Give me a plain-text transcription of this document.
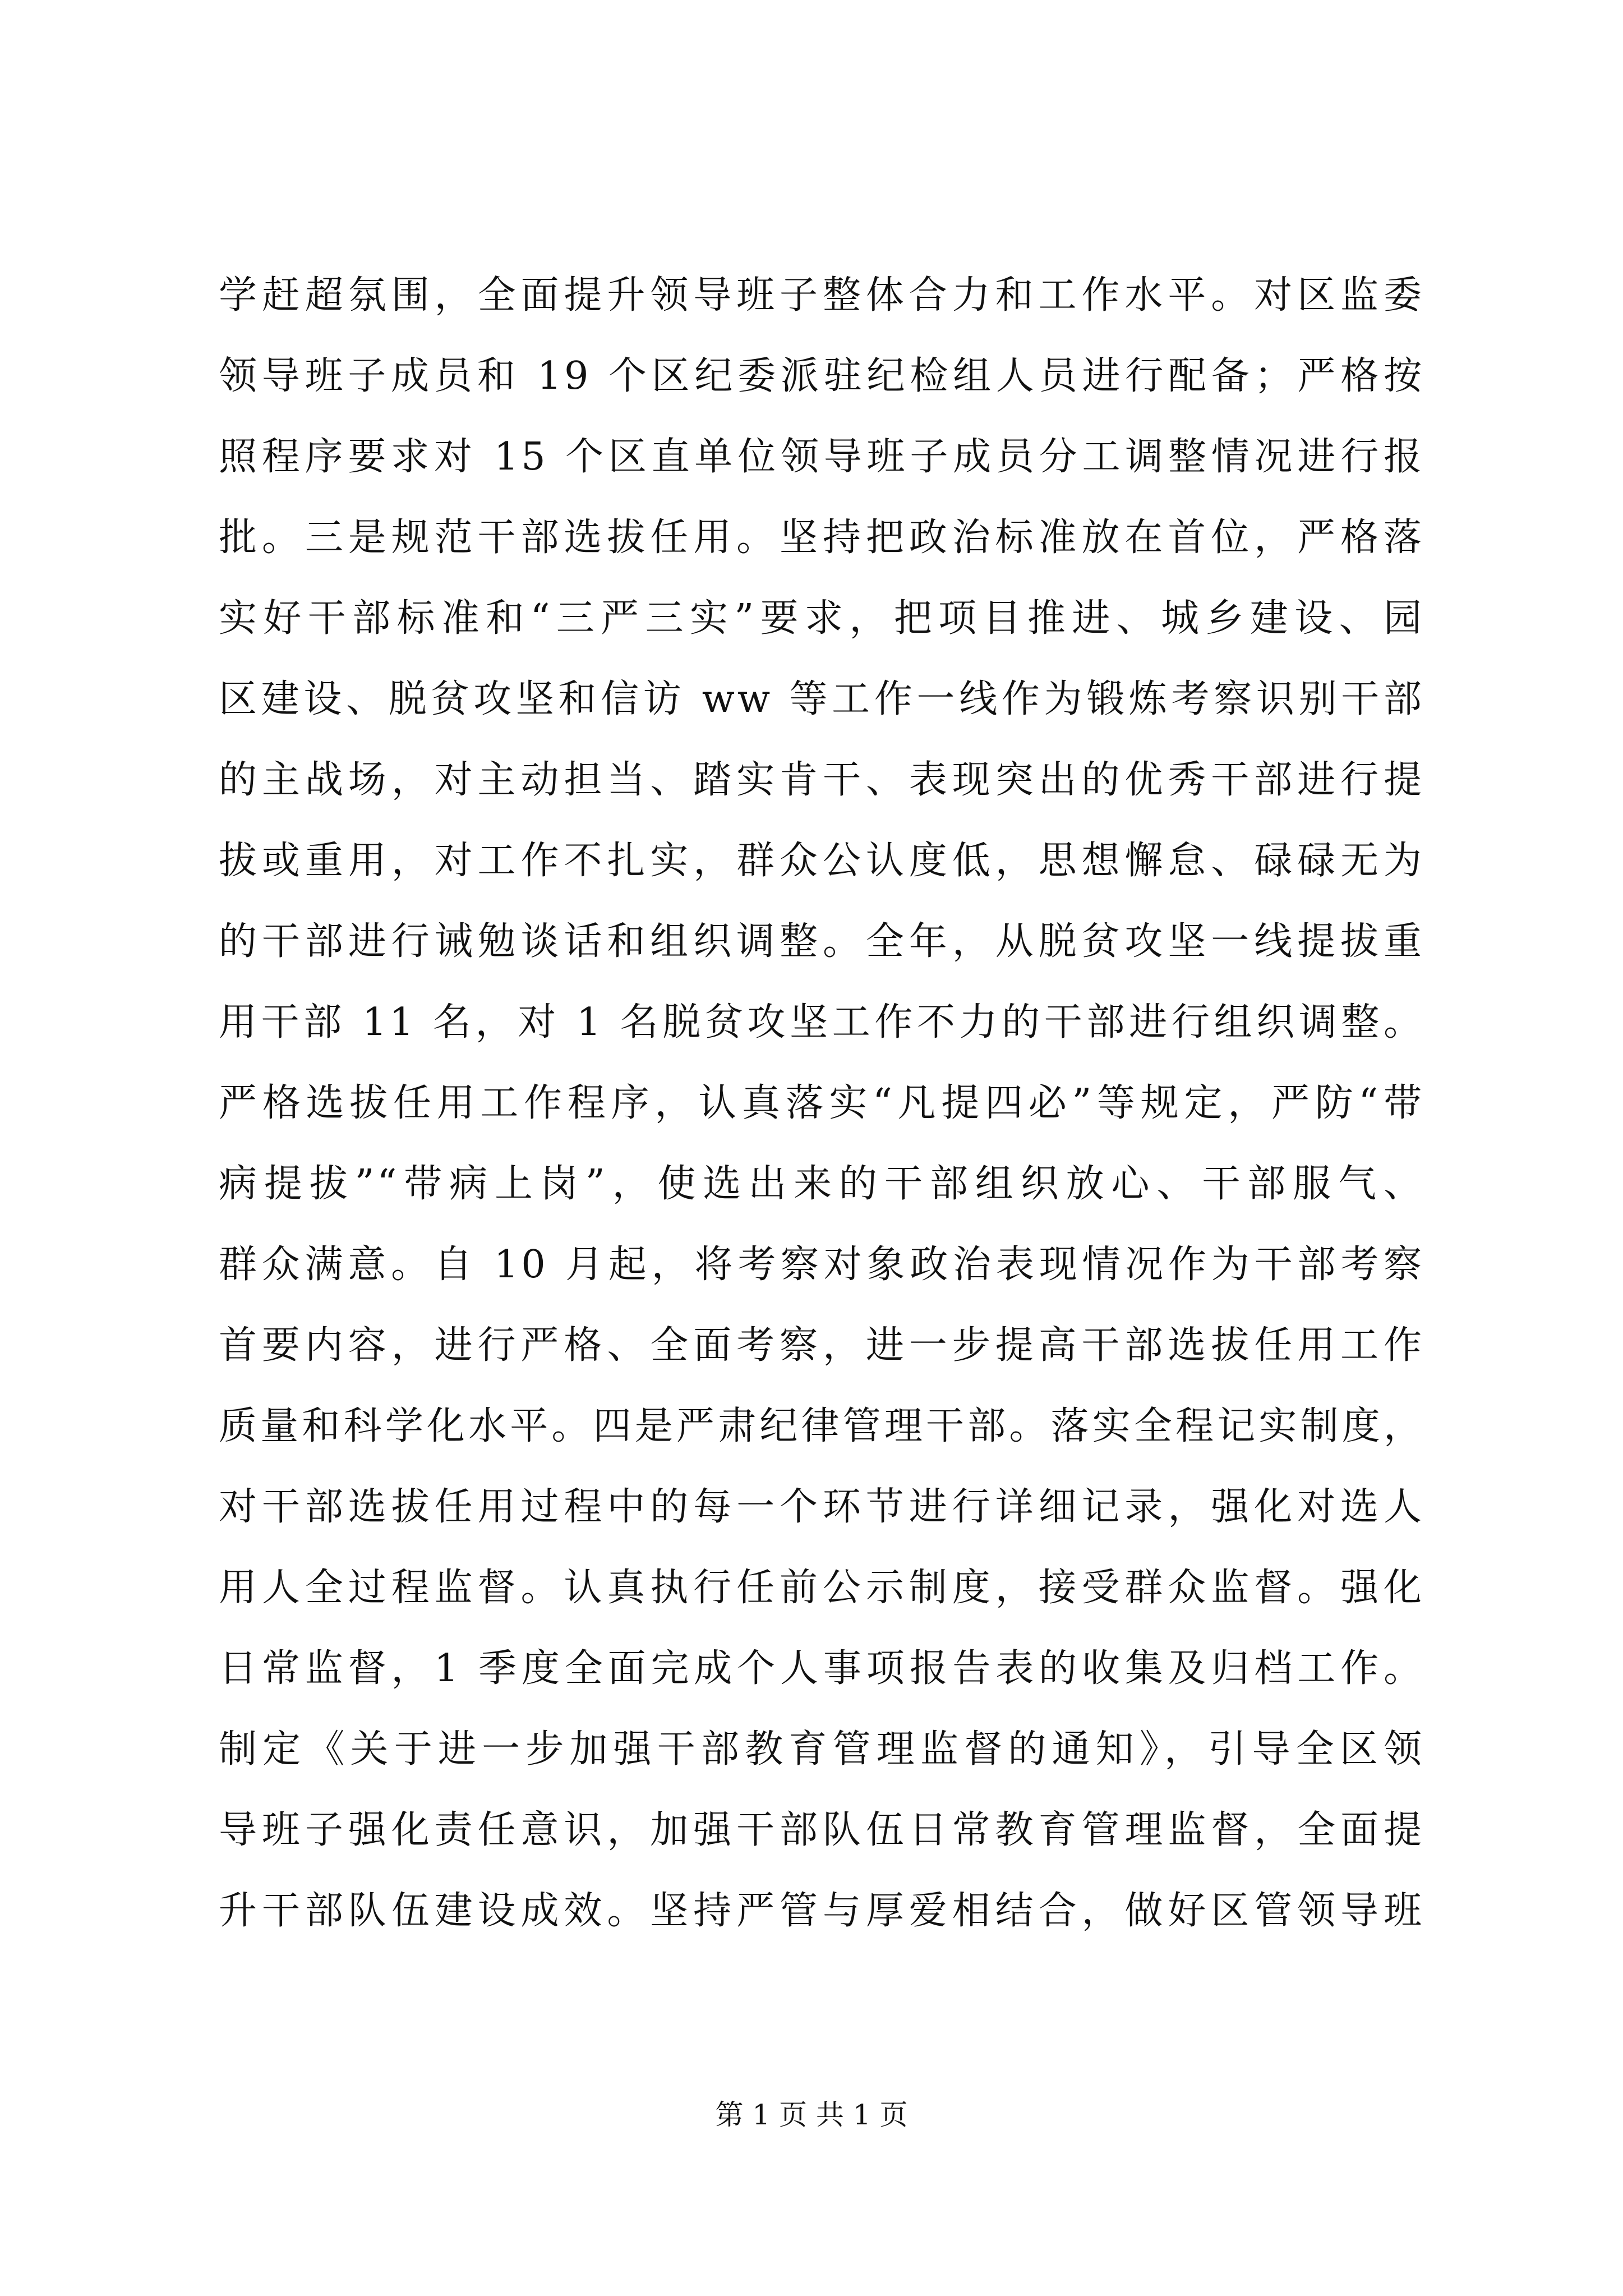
学赶超氛围，全面提升领导班子整体合力和工作水平。对区监委
领导班子成员和 19 个区纪委派驻纪检组人员进行配备；严格按
照程序要求对 15 个区直单位领导班子成员分工调整情况进行报
批。三是规范干部选拔任用。坚持把政治标准放在首位，严格落
实好干部标准和“三严三实”要求，把项目推进、城乡建设、园
区建设、脱贫攻坚和信访 ww 等工作一线作为锻炼考察识别干部
的主战场，对主动担当、踏实肯干、表现突出的优秀干部进行提
拔或重用，对工作不扎实，群众公认度低，思想懈怠、碌碌无为
的干部进行诫勉谈话和组织调整。全年，从脱贫攻坚一线提拔重
用干部 11 名，对 1 名脱贫攻坚工作不力的干部进行组织调整。
严格选拔任用工作程序，认真落实“凡提四必”等规定，严防“带
病提拔”“带病上岗”，使选出来的干部组织放心、干部服气、
群众满意。自 10 月起，将考察对象政治表现情况作为干部考察
首要内容，进行严格、全面考察，进一步提高干部选拔任用工作
质量和科学化水平。四是严肃纪律管理干部。落实全程记实制度，
对干部选拔任用过程中的每一个环节进行详细记录，强化对选人
用人全过程监督。认真执行任前公示制度，接受群众监督。强化
日常监督，1 季度全面完成个人事项报告表的收集及归档工作。
制定《关于进一步加强干部教育管理监督的通知》，引导全区领
导班子强化责任意识，加强干部队伍日常教育管理监督，全面提
升干部队伍建设成效。坚持严管与厚爱相结合，做好区管领导班
第 1 页 共 1 页
